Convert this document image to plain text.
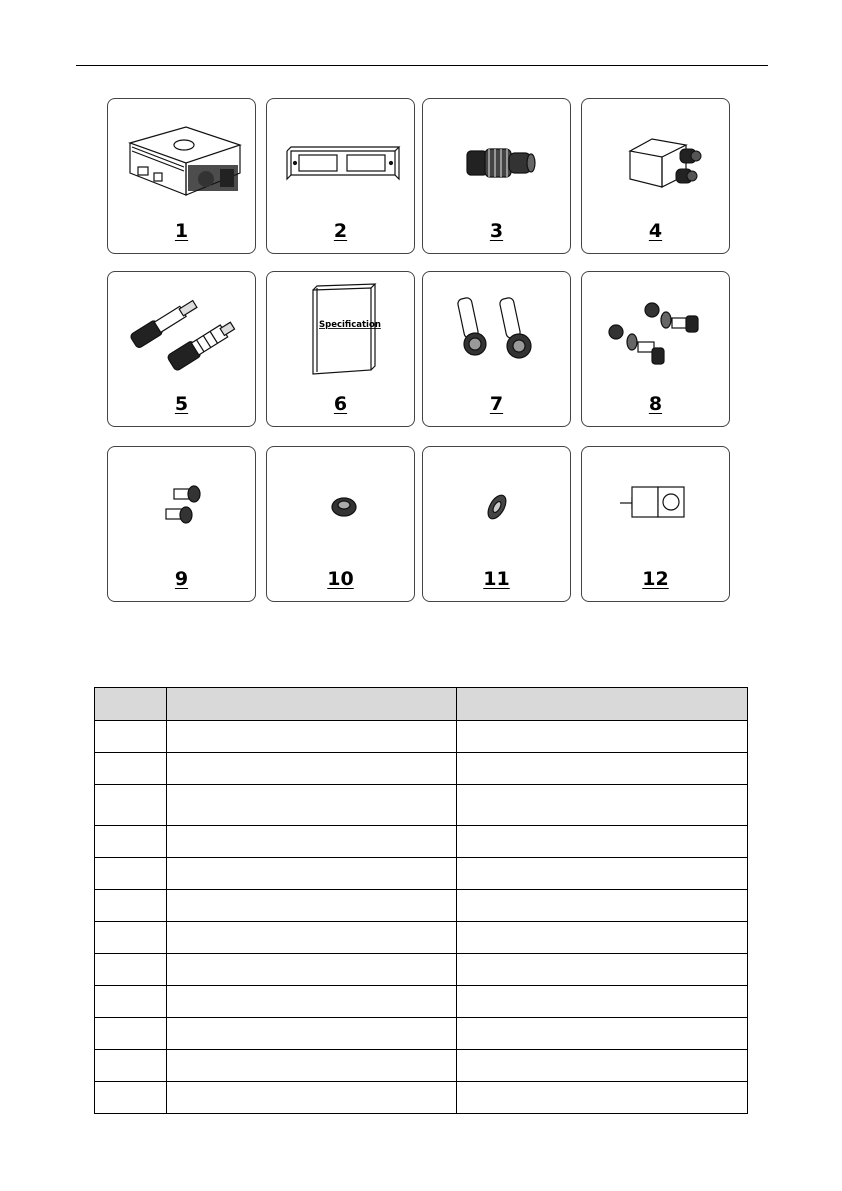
1	2	3	4
5
Specification
6	7	8
9	10	11	12
